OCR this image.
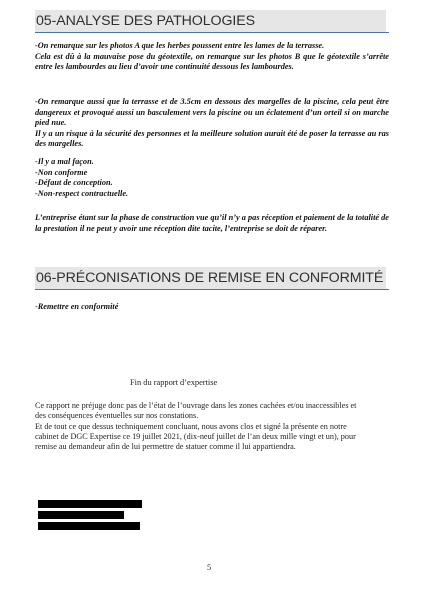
05-ANALYSE DES PATHOLOGIES

-On remarque sur les photos A que les herbes poussent entre les lames de la terrasse.

Cela est dû à la mauvaise pose du géotextile, on remarque sur les photos B que le géotextile s’arrête entre les lambourdes au lieu d’avoir une continuité dessous les lambourdes.

-On remarque aussi que la terrasse et de 3.5cm en dessous des margelles de la piscine, cela peut être dangereux et provoqué aussi un basculement vers la piscine ou un éclatement d’un orteil si on marche pied nue.

Il y a un risque à la sécurité des personnes et la meilleure solution aurait été de poser la terrasse au ras des margelles.

-Il y a mal façon.

-Non conforme

-Défaut de conception.

-Non-respect contractuelle.

L’entreprise étant sur la phase de construction vue qu’il n’y a pas réception et paiement de la totalité de la prestation il ne peut y avoir une réception dite tacite, l’entreprise se doit de réparer.

06-PRÉCONISATIONS DE REMISE EN CONFORMITÉ

-Remettre en conformité

Fin du rapport d’expertise

Ce rapport ne préjuge donc pas de l’état de l’ouvrage dans les zones cachées et/ou inaccessibles et des conséquences éventuelles sur nos constations.

Et de tout ce que dessus techniquement concluant, nous avons clos et signé la présente en notre cabinet de DGC Expertise ce 19 juillet 2021, (dix-neuf juillet de l’an deux mille vingt et un), pour remise au demandeur afin de lui permettre de statuer comme il lui appartiendra.

5
